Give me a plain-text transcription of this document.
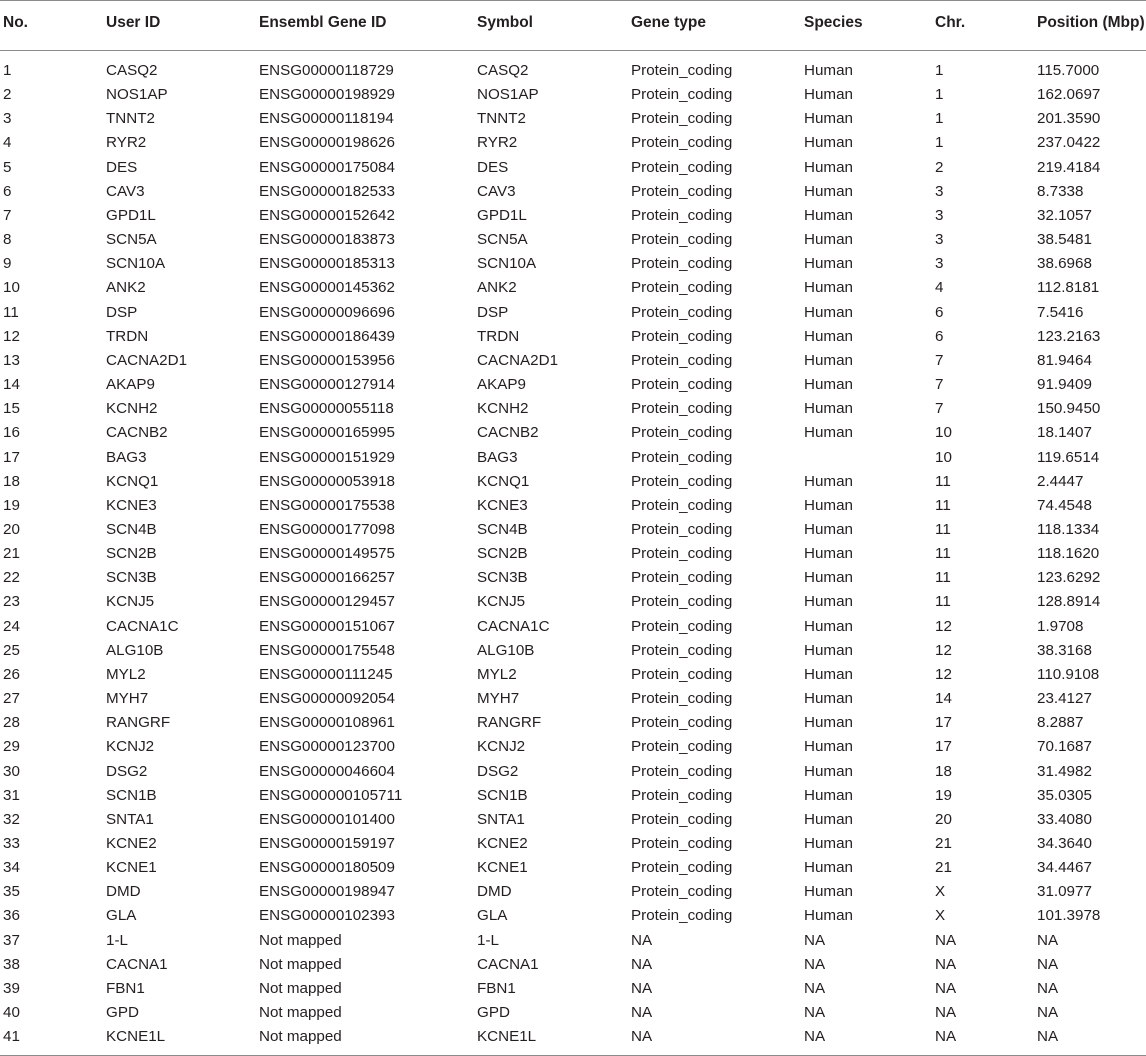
No.	User ID	Ensembl Gene ID	Symbol	Gene type	Species	Chr.	Position (Mbp)
1	CASQ2	ENSG00000118729	CASQ2	Protein_coding	Human	1	115.7000
2	NOS1AP	ENSG00000198929	NOS1AP	Protein_coding	Human	1	162.0697
3	TNNT2	ENSG00000118194	TNNT2	Protein_coding	Human	1	201.3590
4	RYR2	ENSG00000198626	RYR2	Protein_coding	Human	1	237.0422
5	DES	ENSG00000175084	DES	Protein_coding	Human	2	219.4184
6	CAV3	ENSG00000182533	CAV3	Protein_coding	Human	3	8.7338
7	GPD1L	ENSG00000152642	GPD1L	Protein_coding	Human	3	32.1057
8	SCN5A	ENSG00000183873	SCN5A	Protein_coding	Human	3	38.5481
9	SCN10A	ENSG00000185313	SCN10A	Protein_coding	Human	3	38.6968
10	ANK2	ENSG00000145362	ANK2	Protein_coding	Human	4	112.8181
11	DSP	ENSG00000096696	DSP	Protein_coding	Human	6	7.5416
12	TRDN	ENSG00000186439	TRDN	Protein_coding	Human	6	123.2163
13	CACNA2D1	ENSG00000153956	CACNA2D1	Protein_coding	Human	7	81.9464
14	AKAP9	ENSG00000127914	AKAP9	Protein_coding	Human	7	91.9409
15	KCNH2	ENSG00000055118	KCNH2	Protein_coding	Human	7	150.9450
16	CACNB2	ENSG00000165995	CACNB2	Protein_coding	Human	10	18.1407
17	BAG3	ENSG00000151929	BAG3	Protein_coding		10	119.6514
18	KCNQ1	ENSG00000053918	KCNQ1	Protein_coding	Human	11	2.4447
19	KCNE3	ENSG00000175538	KCNE3	Protein_coding	Human	11	74.4548
20	SCN4B	ENSG00000177098	SCN4B	Protein_coding	Human	11	118.1334
21	SCN2B	ENSG00000149575	SCN2B	Protein_coding	Human	11	118.1620
22	SCN3B	ENSG00000166257	SCN3B	Protein_coding	Human	11	123.6292
23	KCNJ5	ENSG00000129457	KCNJ5	Protein_coding	Human	11	128.8914
24	CACNA1C	ENSG00000151067	CACNA1C	Protein_coding	Human	12	1.9708
25	ALG10B	ENSG00000175548	ALG10B	Protein_coding	Human	12	38.3168
26	MYL2	ENSG00000111245	MYL2	Protein_coding	Human	12	110.9108
27	MYH7	ENSG00000092054	MYH7	Protein_coding	Human	14	23.4127
28	RANGRF	ENSG00000108961	RANGRF	Protein_coding	Human	17	8.2887
29	KCNJ2	ENSG00000123700	KCNJ2	Protein_coding	Human	17	70.1687
30	DSG2	ENSG00000046604	DSG2	Protein_coding	Human	18	31.4982
31	SCN1B	ENSG000000105711	SCN1B	Protein_coding	Human	19	35.0305
32	SNTA1	ENSG00000101400	SNTA1	Protein_coding	Human	20	33.4080
33	KCNE2	ENSG00000159197	KCNE2	Protein_coding	Human	21	34.3640
34	KCNE1	ENSG00000180509	KCNE1	Protein_coding	Human	21	34.4467
35	DMD	ENSG00000198947	DMD	Protein_coding	Human	X	31.0977
36	GLA	ENSG00000102393	GLA	Protein_coding	Human	X	101.3978
37	1-L	Not mapped	1-L	NA	NA	NA	NA
38	CACNA1	Not mapped	CACNA1	NA	NA	NA	NA
39	FBN1	Not mapped	FBN1	NA	NA	NA	NA
40	GPD	Not mapped	GPD	NA	NA	NA	NA
41	KCNE1L	Not mapped	KCNE1L	NA	NA	NA	NA
